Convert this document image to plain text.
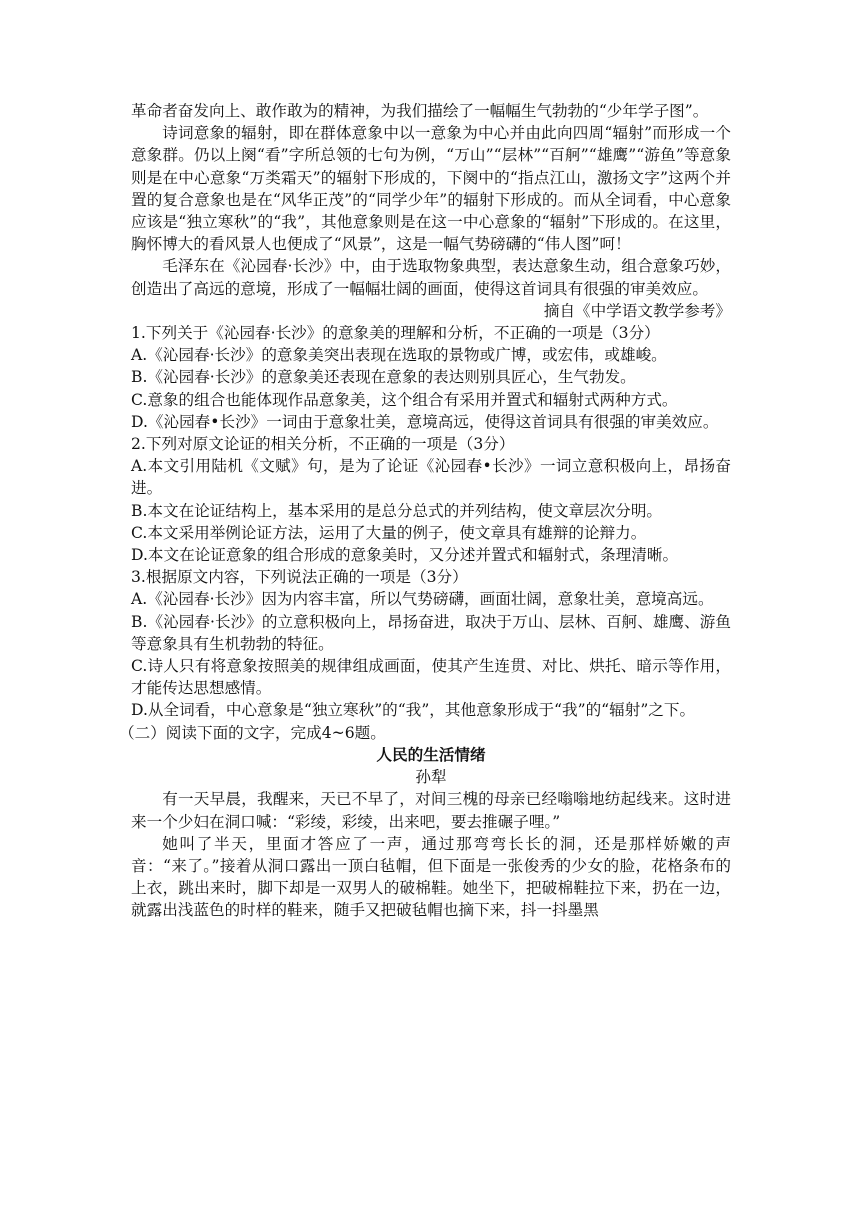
革命者奋发向上、敢作敢为的精神，为我们描绘了一幅幅生气勃勃的“少年学子图”。

诗词意象的辐射，即在群体意象中以一意象为中心并由此向四周“辐射”而形成一个意象群。仍以上阕“看”字所总领的七句为例，“万山”“层林”“百舸”“雄鹰”“游鱼”等意象则是在中心意象“万类霜天”的辐射下形成的，下阕中的“指点江山，激扬文字”这两个并置的复合意象也是在“风华正茂”的“同学少年”的辐射下形成的。而从全词看，中心意象应该是“独立寒秋”的“我”，其他意象则是在这一中心意象的“辐射”下形成的。在这里，胸怀博大的看风景人也便成了“风景”，这是一幅气势磅礴的“伟人图”呵！

毛泽东在《沁园春·长沙》中，由于选取物象典型，表达意象生动，组合意象巧妙，创造出了高远的意境，形成了一幅幅壮阔的画面，使得这首词具有很强的审美效应。

摘自《中学语文教学参考》

1.下列关于《沁园春·长沙》的意象美的理解和分析，不正确的一项是（3分）

A.《沁园春·长沙》的意象美突出表现在选取的景物或广博，或宏伟，或雄峻。

B.《沁园春·长沙》的意象美还表现在意象的表达则别具匠心，生气勃发。

C.意象的组合也能体现作品意象美，这个组合有采用并置式和辐射式两种方式。

D.《沁园春•长沙》一词由于意象壮美，意境高远，使得这首词具有很强的审美效应。

2.下列对原文论证的相关分析，不正确的一项是（3分）

A.本文引用陆机《文赋》句，是为了论证《沁园春•长沙》一词立意积极向上，昂扬奋进。

B.本文在论证结构上，基本采用的是总分总式的并列结构，使文章层次分明。

C.本文采用举例论证方法，运用了大量的例子，使文章具有雄辩的论辩力。

D.本文在论证意象的组合形成的意象美时，又分述并置式和辐射式，条理清晰。

3.根据原文内容，下列说法正确的一项是（3分）

A.《沁园春·长沙》因为内容丰富，所以气势磅礴，画面壮阔，意象壮美，意境高远。

B.《沁园春·长沙》的立意积极向上，昂扬奋进，取决于万山、层林、百舸、雄鹰、游鱼等意象具有生机勃勃的特征。

C.诗人只有将意象按照美的规律组成画面，使其产生连贯、对比、烘托、暗示等作用，才能传达思想感情。

D.从全词看，中心意象是“独立寒秋”的“我”，其他意象形成于“我”的“辐射”之下。

（二）阅读下面的文字，完成4~6题。

人民的生活情绪

孙犁

有一天早晨，我醒来，天已不早了，对间三槐的母亲已经嗡嗡地纺起线来。这时进来一个少妇在洞口喊：“彩绫，彩绫，出来吧，要去推碾子哩。”

她叫了半天，里面才答应了一声，通过那弯弯长长的洞，还是那样娇嫩的声音：“来了。”接着从洞口露出一顶白毡帽，但下面是一张俊秀的少女的脸，花格条布的上衣，跳出来时，脚下却是一双男人的破棉鞋。她坐下，把破棉鞋拉下来，扔在一边，就露出浅蓝色的时样的鞋来，随手又把破毡帽也摘下来，抖一抖墨黑
